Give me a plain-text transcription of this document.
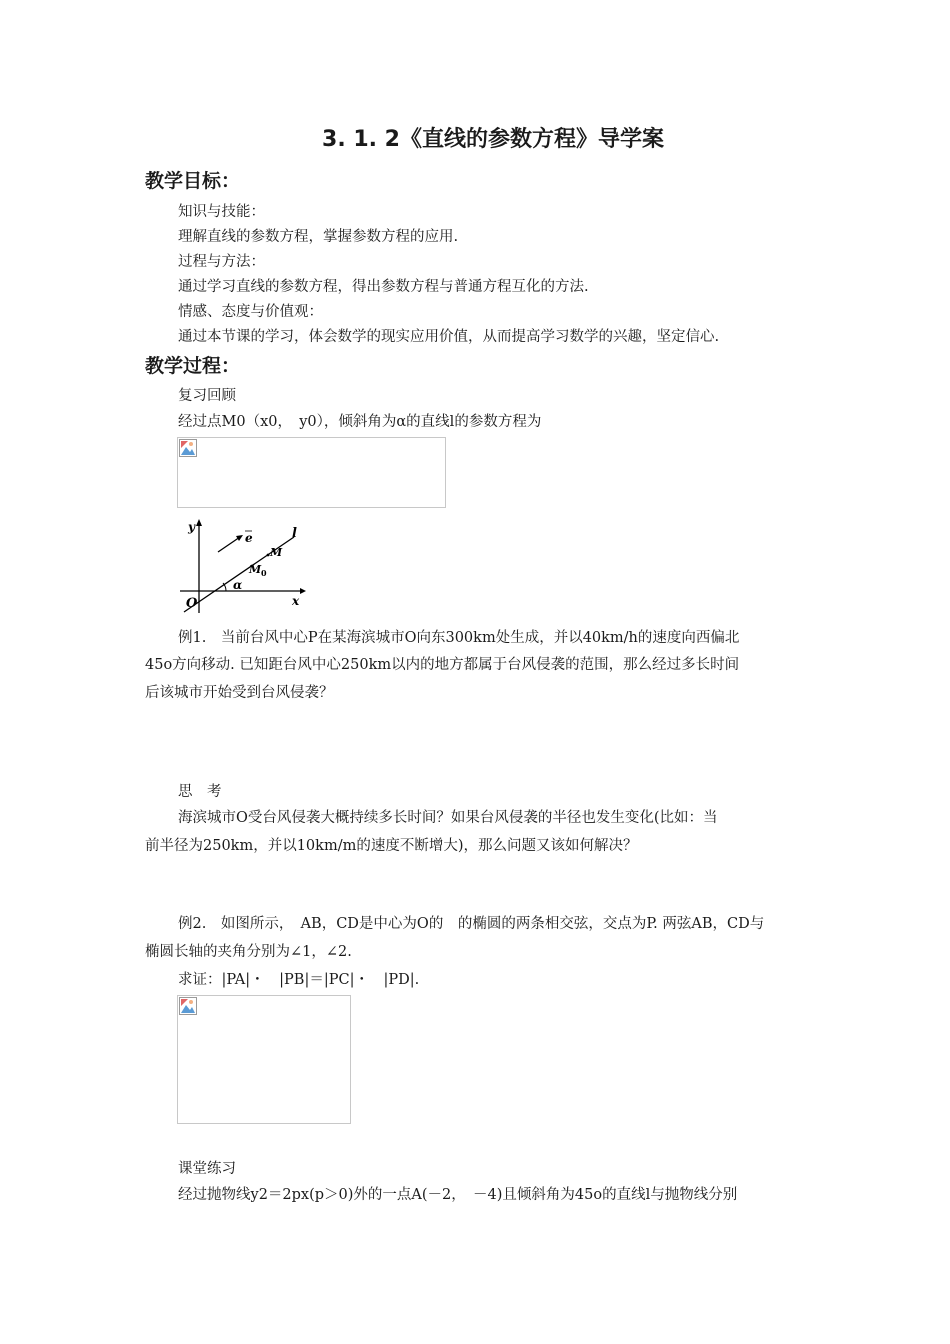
3. 1. 2《直线的参数方程》导学案
教学目标：
知识与技能：
理解直线的参数方程，掌握参数方程的应用.
过程与方法：
通过学习直线的参数方程，得出参数方程与普通方程互化的方法.
情感、态度与价值观：
通过本节课的学习，体会数学的现实应用价值，从而提高学习数学的兴趣，坚定信心.
教学过程：
复习回顾
经过点M0（x0，　y0），倾斜角为α的直线l的参数方程为
y
x
O
l
e
M
M 0
α
例1.　当前台风中心P在某海滨城市O向东300km处生成，并以40km/h的速度向西偏北
45o方向移动. 已知距台风中心250km以内的地方都属于台风侵袭的范围，那么经过多长时间
后该城市开始受到台风侵袭？
思　考
海滨城市O受台风侵袭大概持续多长时间？如果台风侵袭的半径也发生变化(比如：当
前半径为250km，并以10km/m的速度不断增大)，那么问题又该如何解决？
例2.　如图所示，　AB，CD是中心为O的　的椭圆的两条相交弦，交点为P. 两弦AB，CD与
椭圆长轴的夹角分别为∠1，∠2.
求证：|PA|・　|PB|＝|PC|・　|PD|.
课堂练习
经过抛物线y2＝2px(p＞0)外的一点A(－2，　－4)且倾斜角为45o的直线l与抛物线分别
